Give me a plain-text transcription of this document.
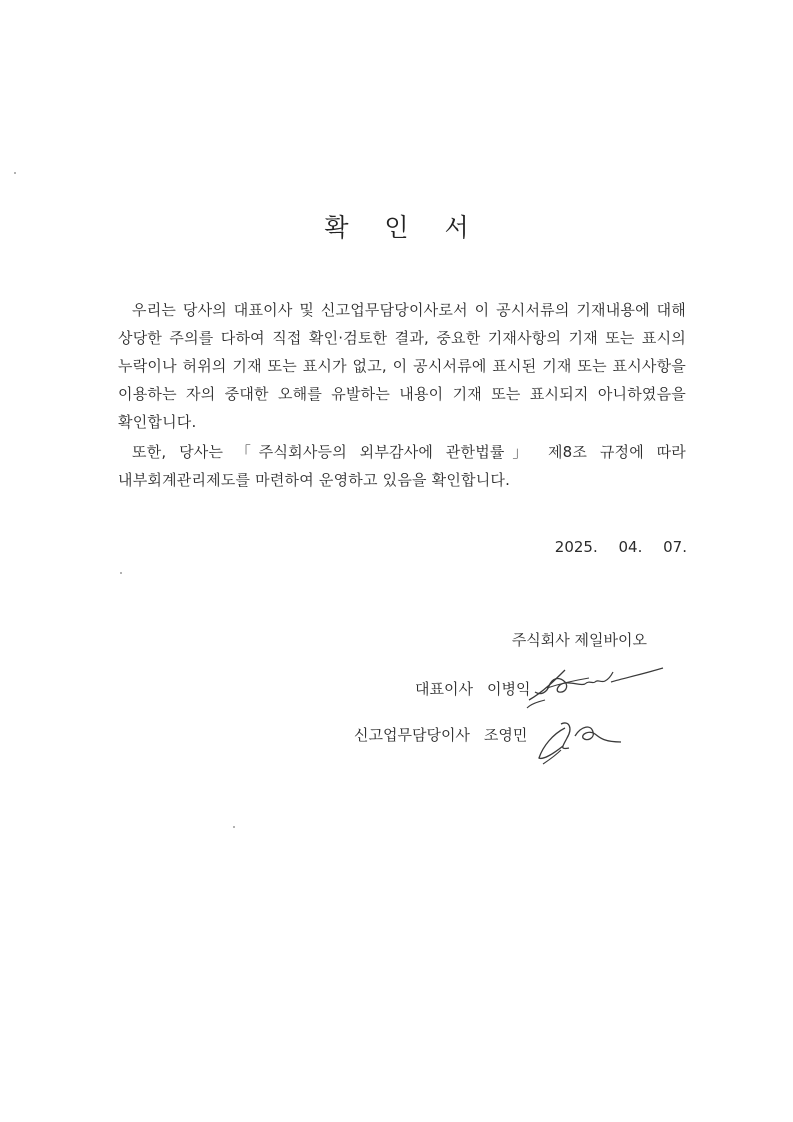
확 인 서

우리는 당사의 대표이사 및 신고업무담당이사로서 이 공시서류의 기재내용에 대해 상당한 주의를 다하여 직접 확인·검토한 결과, 중요한 기재사항의 기재 또는 표시의 누락이나 허위의 기재 또는 표시가 없고, 이 공시서류에 표시된 기재 또는 표시사항을 이용하는 자의 중대한 오해를 유발하는 내용이 기재 또는 표시되지 아니하였음을 확인합니다.

또한, 당사는 「주식회사등의 외부감사에 관한법률」 제8조 규정에 따라 내부회계관리제도를 마련하여 운영하고 있음을 확인합니다.

2025. 04. 07.
주식회사 제일바이오
대표이사 이병익
신고업무담당이사 조영민
